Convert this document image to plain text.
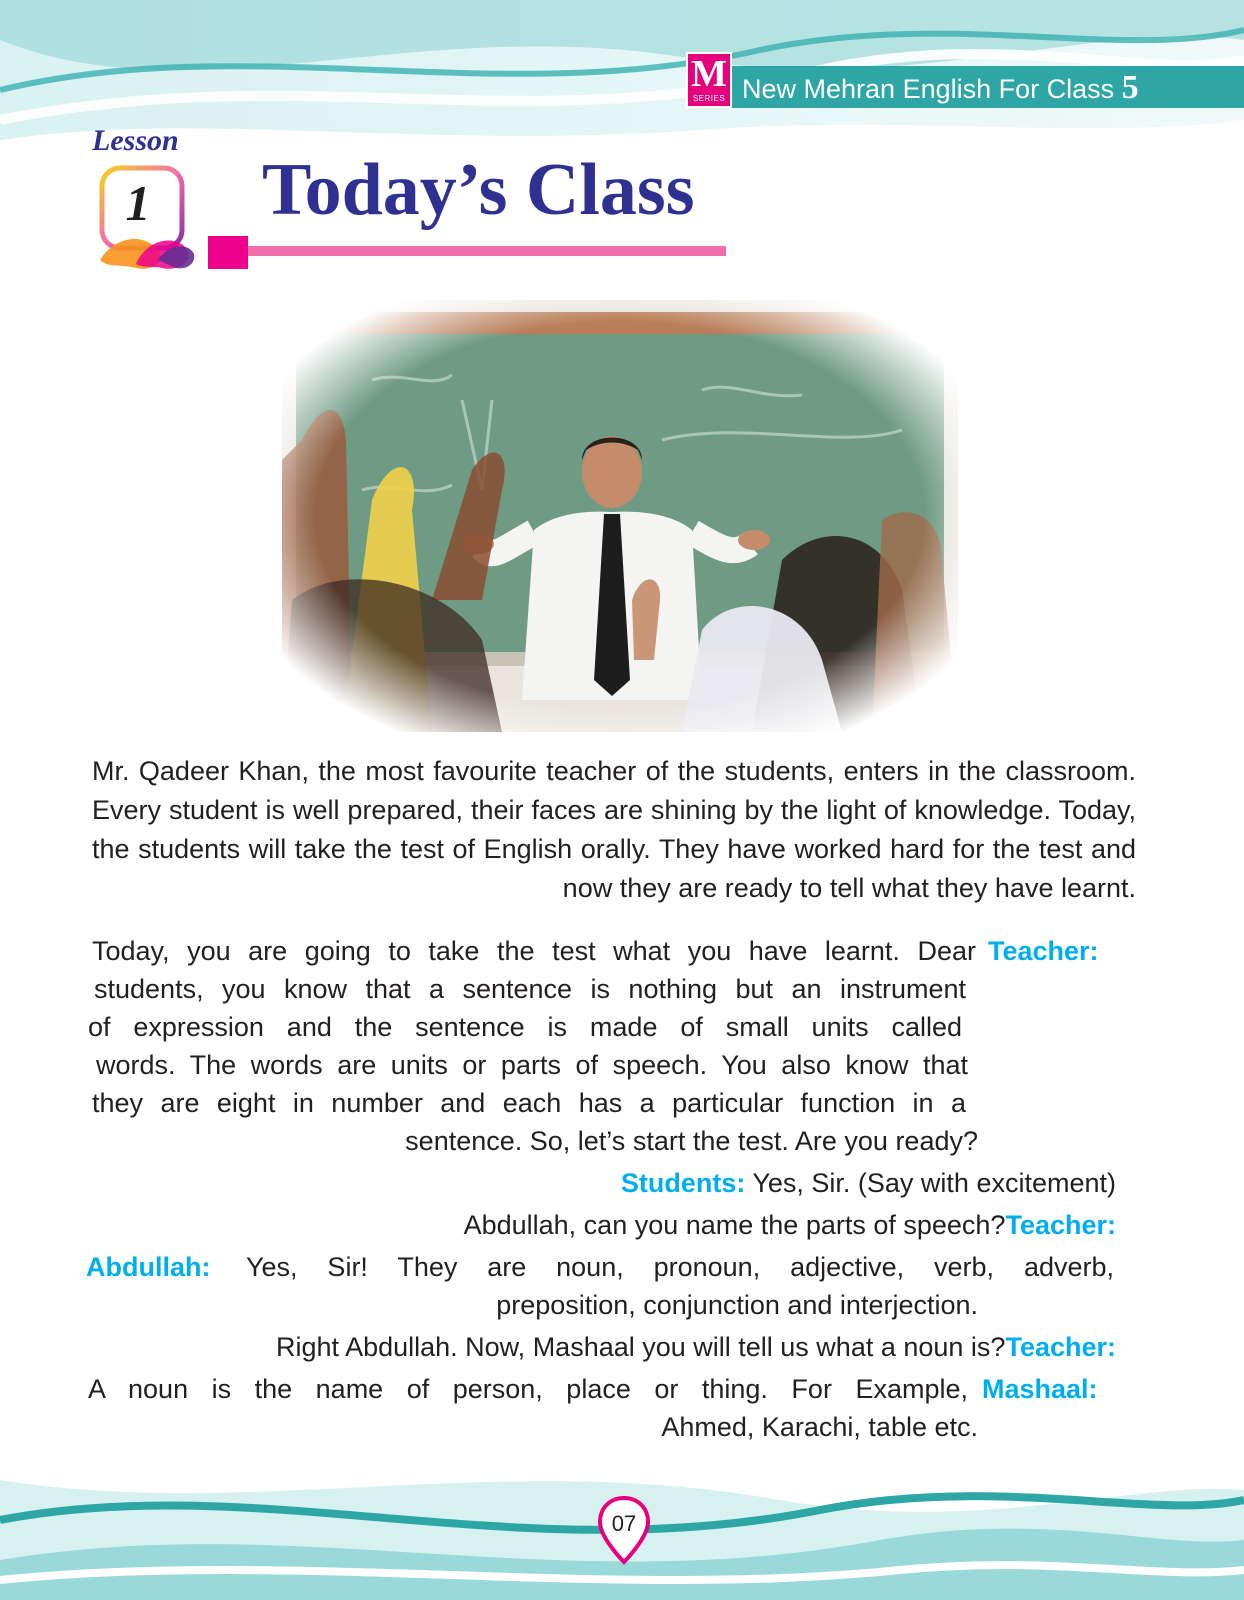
M
SERIES New Mehran English For Class 5
Lesson
1	Today’s Class
Mr. Qadeer Khan, the most favourite teacher of the students, enters in the classroom. Every student is well prepared, their faces are shining by the light of knowledge. Today, the students will take the test of English orally. They have worked hard for the test and now they are ready to tell what they have learnt.
Today, you are going to take the test what you have learnt. Dear Teacher:
students, you know that a sentence is nothing but an instrument
of expression and the sentence is made of small units called
words. The words are units or parts of speech. You also know that
they are eight in number and each has a particular function in a
sentence. So, let’s start the test. Are you ready?
Students: Yes, Sir. (Say with excitement)
Abdullah, can you name the parts of speech?Teacher:
Abdullah: Yes, Sir! They are noun, pronoun, adjective, verb, adverb,
preposition, conjunction and interjection.
Right Abdullah. Now, Mashaal you will tell us what a noun is?Teacher:
A noun is the name of person, place or thing. For Example, Mashaal:
Ahmed, Karachi, table etc.
07
